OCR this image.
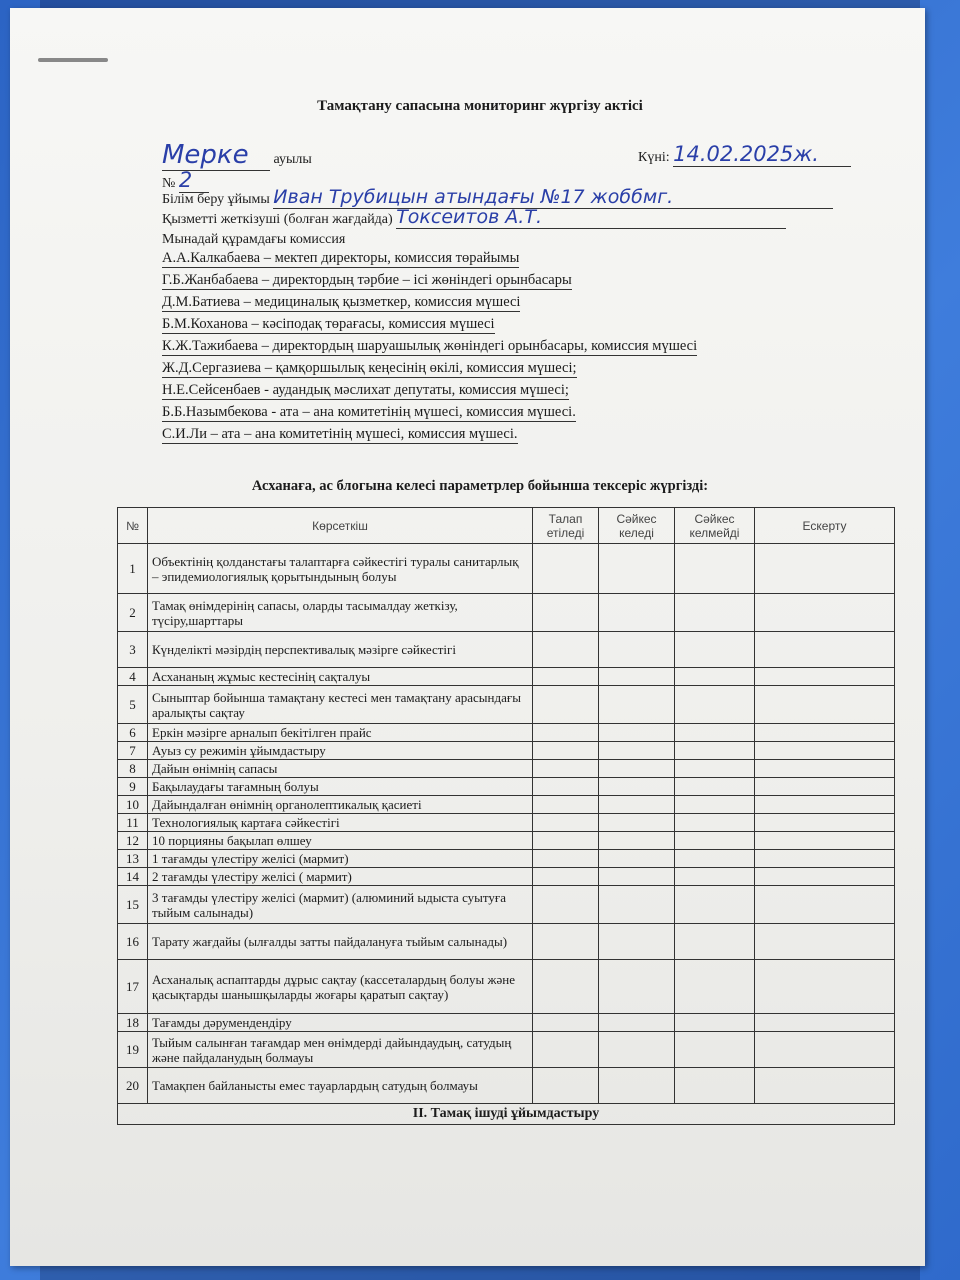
Тамақтану сапасына мониторинг жүргізу актісі
Мерке ауылы	Күні: 14.02.2025ж.
№ 2
Білім беру ұйымы Иван Трубицын атындағы №17 жоббмг.
Қызметті жеткізуші (болған жағдайда) Токсеитов А.Т.
Мынадай құрамдағы комиссия
А.А.Калкабаева – мектеп директоры, комиссия төрайымы
Г.Б.Жанбабаева – директордың тәрбие – ісі жөніндегі орынбасары
Д.М.Батиева – медициналық қызметкер, комиссия мүшесі
Б.М.Коханова – кәсіподақ төрағасы, комиссия мүшесі
К.Ж.Тажибаева – директордың шаруашылық жөніндегі орынбасары, комиссия мүшесі
Ж.Д.Сергазиева – қамқоршылық кеңесінің өкілі, комиссия мүшесі;
Н.Е.Сейсенбаев - аудандық мәслихат депутаты, комиссия мүшесі;
Б.Б.Назымбекова - ата – ана комитетінің мүшесі, комиссия мүшесі.
С.И.Ли – ата – ана комитетінің мүшесі, комиссия мүшесі.
Асханаға, ас блогына келесі параметрлер бойынша тексеріс жүргізді:
№	Көрсеткіш	Талап етіледі	Сәйкес келеді	Сәйкес келмейді	Ескерту
1	Объектінің қолданстағы талаптарға сәйкестігі туралы санитарлық – эпидемиологиялық қорытындының болуы				
2	Тамақ өнімдерінің сапасы, оларды тасымалдау жеткізу, түсіру,шарттары				
3	Күнделікті мәзірдің перспективалық мәзірге сәйкестігі				
4	Асхананың жұмыс кестесінің сақталуы				
5	Сыныптар бойынша тамақтану кестесі мен тамақтану арасындағы аралықты сақтау				
6	Еркін мәзірге арналып бекітілген прайс				
7	Ауыз су режимін ұйымдастыру				
8	Дайын өнімнің сапасы				
9	Бақылаудағы тағамның болуы				
10	Дайындалған өнімнің органолептикалық қасиеті				
11	Технологиялық картаға сәйкестігі				
12	10 порцияны бақылап өлшеу				
13	1 тағамды үлестіру желісі (мармит)				
14	2 тағамды үлестіру желісі ( мармит)				
15	3 тағамды үлестіру желісі (мармит) (алюминий ыдыста суытуға тыйым салынады)				
16	Тарату жағдайы (ылғалды затты пайдалануға тыйым салынады)				
17	Асханалық аспаптарды дұрыс сақтау (кассеталардың болуы және қасықтарды шанышқыларды жоғары қаратып сақтау)				
18	Тағамды дәрумендендіру				
19	Тыйым салынған тағамдар мен өнімдерді дайындаудың, сатудың және пайдаланудың болмауы				
20	Тамақпен байланысты емес тауарлардың сатудың болмауы				
II. Тамақ ішуді ұйымдастыру					
